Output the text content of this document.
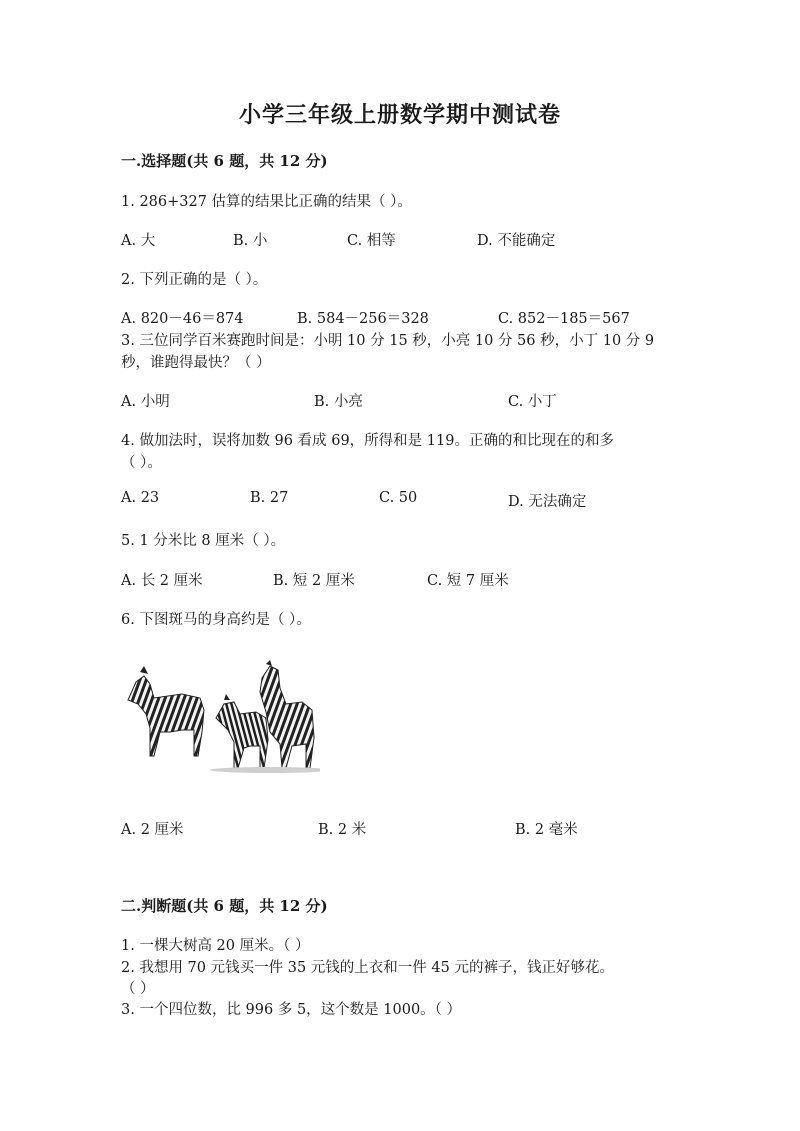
小学三年级上册数学期中测试卷
一.选择题(共 6 题，共 12 分)
1. 286+327 估算的结果比正确的结果（ ）。
A. 大	B. 小	C. 相等	D. 不能确定
2. 下列正确的是（ ）。
A. 820－46＝874	B. 584－256＝328	C. 852－185＝567
3. 三位同学百米赛跑时间是：小明 10 分 15 秒，小亮 10 分 56 秒，小丁 10 分 9
秒，谁跑得最快？（ ）
A. 小明	B. 小亮	C. 小丁
4. 做加法时，误将加数 96 看成 69，所得和是 119。正确的和比现在的和多
（ ）。
A. 23	B. 27	C. 50	D. 无法确定
5. 1 分米比 8 厘米（ ）。
A. 长 2 厘米	B. 短 2 厘米	C. 短 7 厘米
6. 下图斑马的身高约是（ ）。
A. 2 厘米	B. 2 米	B. 2 毫米
二.判断题(共 6 题，共 12 分)
1. 一棵大树高 20 厘米。（ ）
2. 我想用 70 元钱买一件 35 元钱的上衣和一件 45 元的裤子，钱正好够花。
（ ）
3. 一个四位数，比 996 多 5，这个数是 1000。（ ）
